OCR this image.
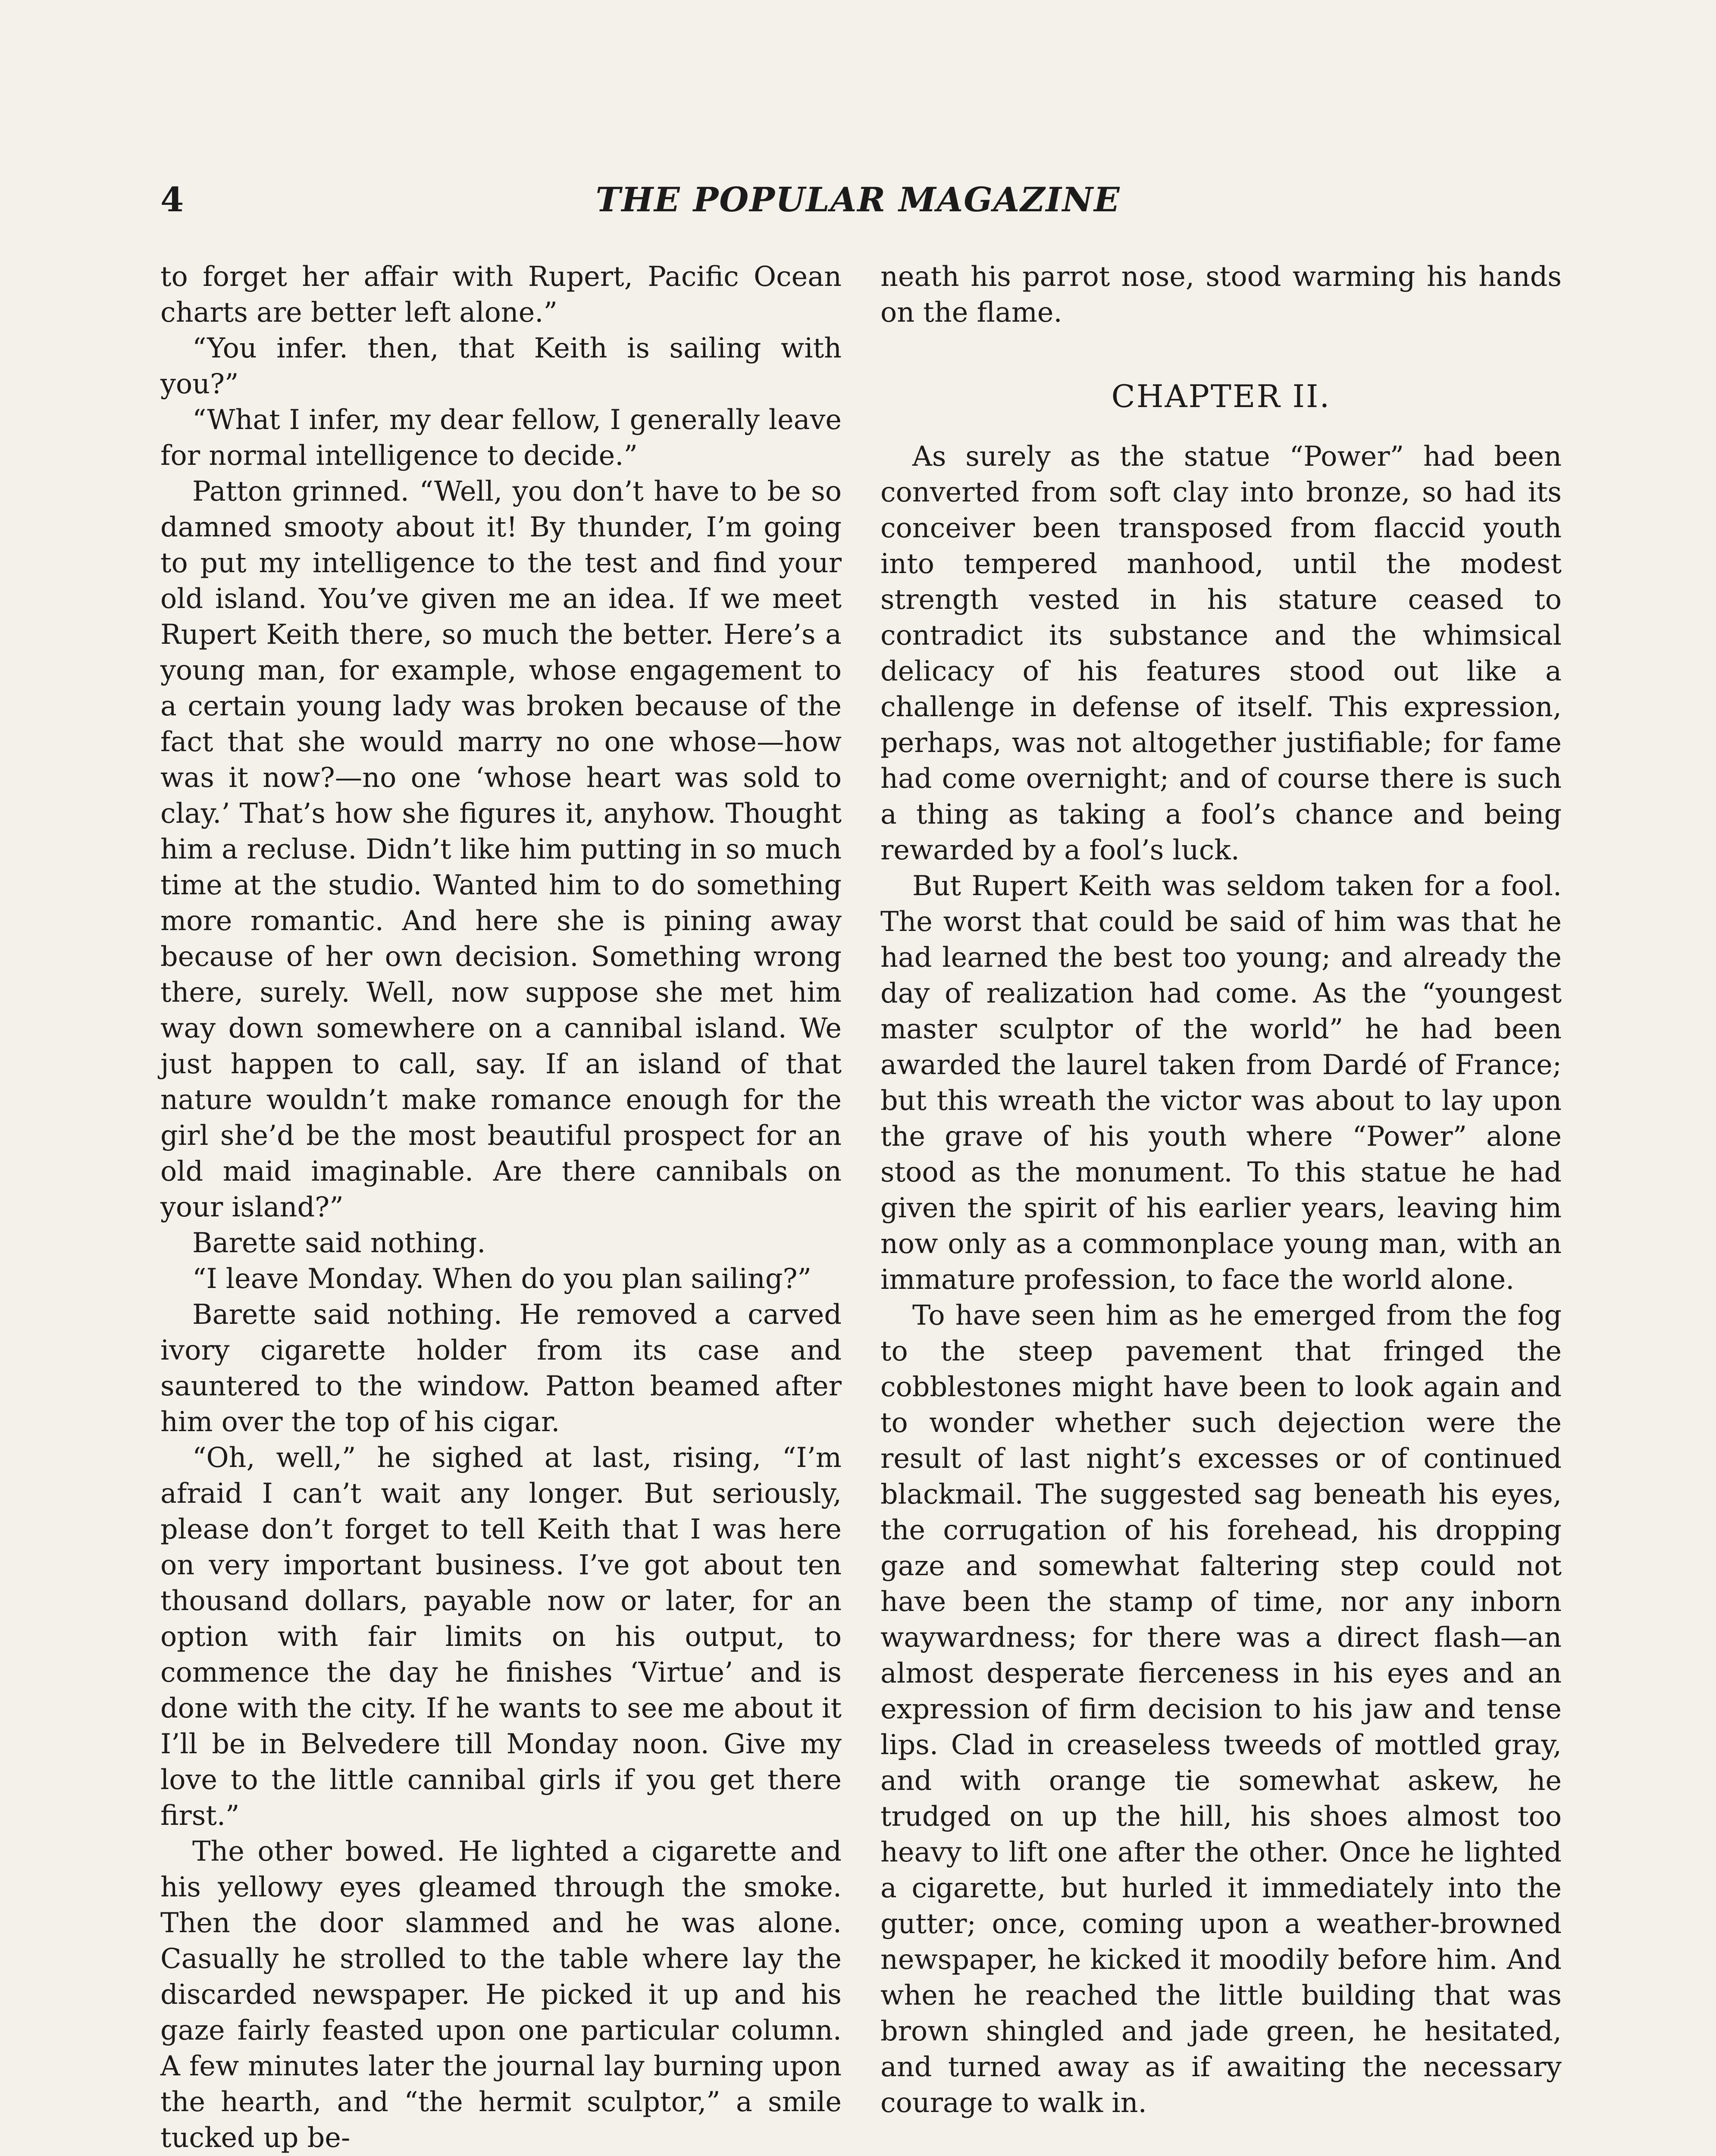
4	THE POPULAR MAGAZINE

to forget her affair with Rupert, Pacific Ocean charts are better left alone.”

“You infer. then, that Keith is sailing with you?”

“What I infer, my dear fellow, I generally leave for normal intelligence to decide.”

Patton grinned. “Well, you don’t have to be so damned smooty about it! By thunder, I’m going to put my intelligence to the test and find your old island. You’ve given me an idea. If we meet Rupert Keith there, so much the better. Here’s a young man, for example, whose engagement to a certain young lady was broken because of the fact that she would marry no one whose—how was it now?—no one ‘whose heart was sold to clay.’ That’s how she figures it, anyhow. Thought him a recluse. Didn’t like him putting in so much time at the studio. Wanted him to do something more romantic. And here she is pining away because of her own decision. Something wrong there, surely. Well, now suppose she met him way down somewhere on a cannibal island. We just happen to call, say. If an island of that nature wouldn’t make romance enough for the girl she’d be the most beautiful prospect for an old maid imaginable. Are there cannibals on your island?”

Barette said nothing.

“I leave Monday. When do you plan sailing?”

Barette said nothing. He removed a carved ivory cigarette holder from its case and sauntered to the window. Patton beamed after him over the top of his cigar.

“Oh, well,” he sighed at last, rising, “I’m afraid I can’t wait any longer. But seriously, please don’t forget to tell Keith that I was here on very important business. I’ve got about ten thousand dollars, payable now or later, for an option with fair limits on his output, to commence the day he finishes ‘Virtue’ and is done with the city. If he wants to see me about it I’ll be in Belvedere till Monday noon. Give my love to the little cannibal girls if you get there first.”

The other bowed. He lighted a cigarette and his yellowy eyes gleamed through the smoke. Then the door slammed and he was alone. Casually he strolled to the table where lay the discarded newspaper. He picked it up and his gaze fairly feasted upon one particular column. A few minutes later the journal lay burning upon the hearth, and “the hermit sculptor,” a smile tucked up be-

neath his parrot nose, stood warming his hands on the flame.

CHAPTER II.

As surely as the statue “Power” had been converted from soft clay into bronze, so had its conceiver been transposed from flaccid youth into tempered manhood, until the modest strength vested in his stature ceased to contradict its substance and the whimsical delicacy of his features stood out like a challenge in defense of itself. This expression, perhaps, was not altogether justifiable; for fame had come overnight; and of course there is such a thing as taking a fool’s chance and being rewarded by a fool’s luck.

But Rupert Keith was seldom taken for a fool. The worst that could be said of him was that he had learned the best too young; and already the day of realization had come. As the “youngest master sculptor of the world” he had been awarded the laurel taken from Dardé of France; but this wreath the victor was about to lay upon the grave of his youth where “Power” alone stood as the monument. To this statue he had given the spirit of his earlier years, leaving him now only as a commonplace young man, with an immature profession, to face the world alone.

To have seen him as he emerged from the fog to the steep pavement that fringed the cobblestones might have been to look again and to wonder whether such dejection were the result of last night’s excesses or of continued blackmail. The suggested sag beneath his eyes, the corrugation of his forehead, his dropping gaze and somewhat faltering step could not have been the stamp of time, nor any inborn waywardness; for there was a direct flash—an almost desperate fierceness in his eyes and an expression of firm decision to his jaw and tense lips. Clad in creaseless tweeds of mottled gray, and with orange tie somewhat askew, he trudged on up the hill, his shoes almost too heavy to lift one after the other. Once he lighted a cigarette, but hurled it immediately into the gutter; once, coming upon a weather-browned newspaper, he kicked it moodily before him. And when he reached the little building that was brown shingled and jade green, he hesitated, and turned away as if awaiting the necessary courage to walk in.
